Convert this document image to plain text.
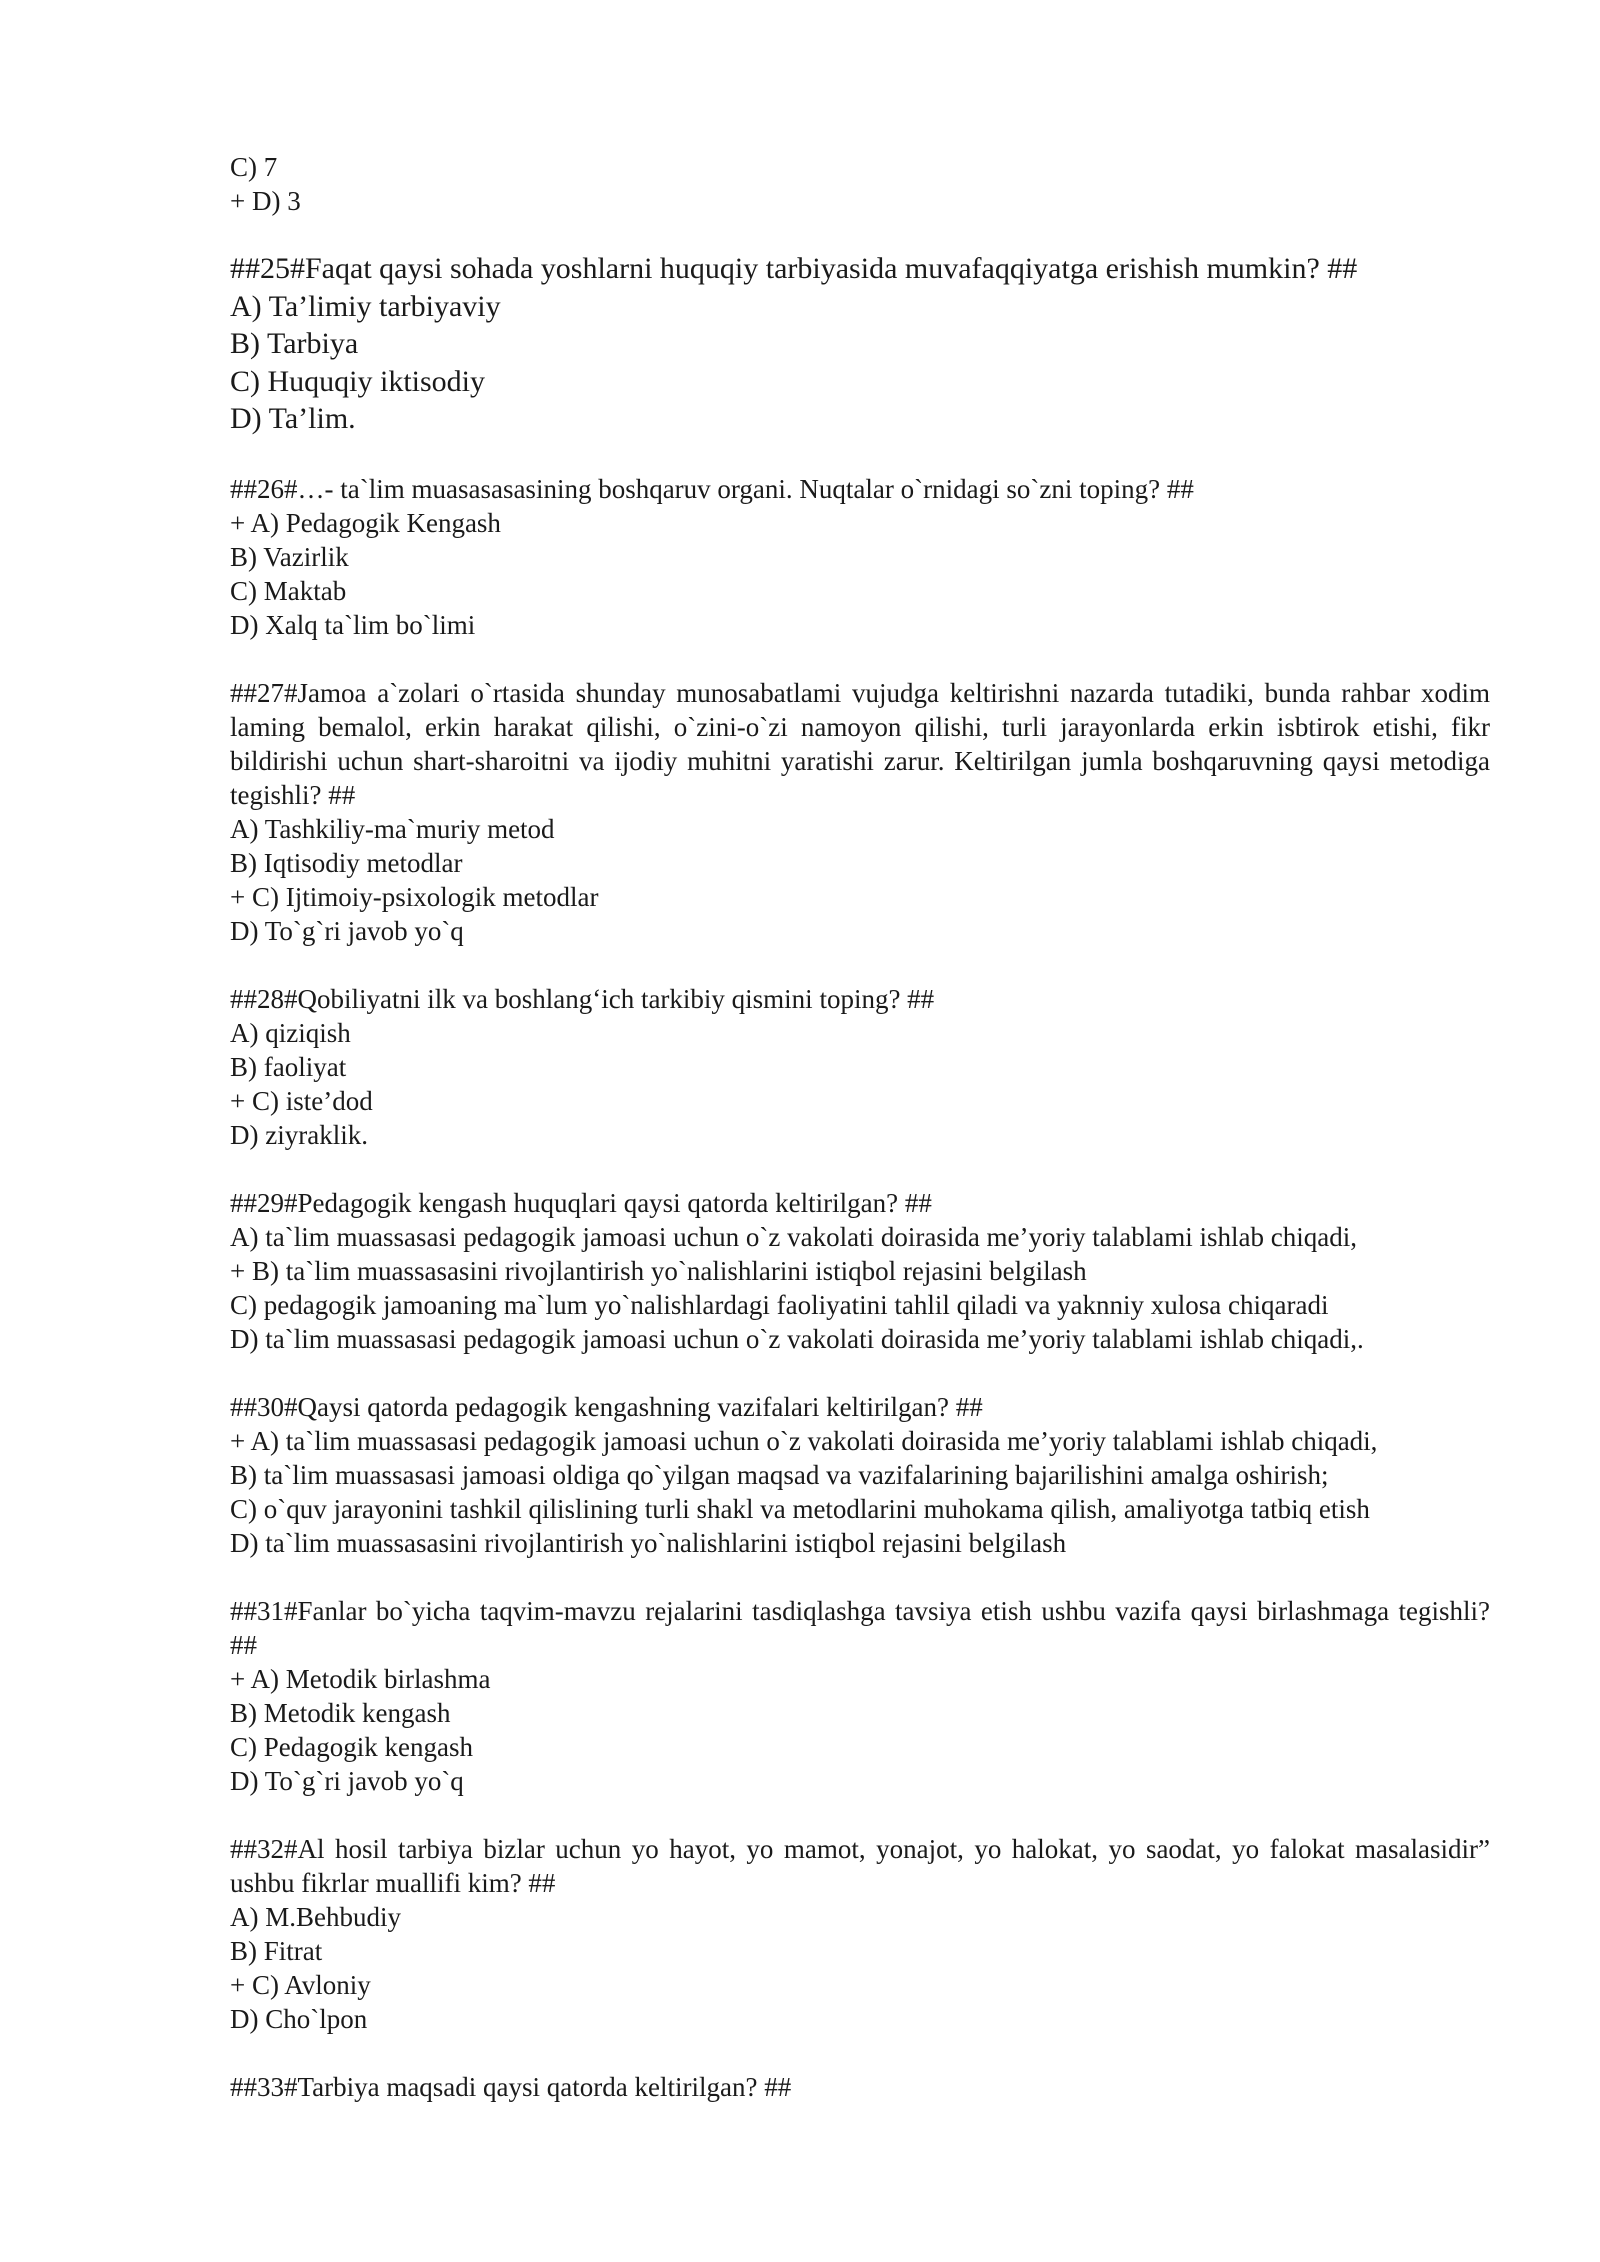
C) 7
+ D) 3
##25#Faqat qaysi sohada yoshlarni huquqiy tarbiyasida muvafaqqiyatga erishish mumkin? ##
A) Ta’limiy tarbiyaviy
B) Tarbiya
C) Huquqiy iktisodiy
D) Ta’lim.
##26#…- ta`lim muasasasasining boshqaruv organi. Nuqtalar o`rnidagi so`zni toping? ##
+ A) Pedagogik Kengash
B) Vazirlik
C) Maktab
D) Xalq ta`lim bo`limi
##27#Jamoa a`zolari o`rtasida shunday munosabatlami vujudga keltirishni nazarda tutadiki, bunda rahbar xodim laming bemalol, erkin harakat qilishi, o`zini-o`zi namoyon qilishi, turli jarayonlarda erkin isbtirok etishi, fikr bildirishi uchun shart-sharoitni va ijodiy muhitni yaratishi zarur. Keltirilgan jumla boshqaruvning qaysi metodiga tegishli? ##
A) Tashkiliy-ma`muriy metod
B) Iqtisodiy metodlar
+ C) Ijtimoiy-psixologik metodlar
D) To`g`ri javob yo`q
##28#Qobiliyatni ilk va boshlang‘ich tarkibiy qismini toping? ##
A) qiziqish
B) faoliyat
+ C) iste’dod
D) ziyraklik.
##29#Pedagogik kengash huquqlari qaysi qatorda keltirilgan? ##
A) ta`lim muassasasi pedagogik jamoasi uchun o`z vakolati doirasida me’yoriy talablami ishlab chiqadi,
+ B) ta`lim muassasasini rivojlantirish yo`nalishlarini istiqbol rejasini belgilash
C) pedagogik jamoaning ma`lum yo`nalishlardagi faoliyatini tahlil qiladi va yaknniy xulosa chiqaradi
D) ta`lim muassasasi pedagogik jamoasi uchun o`z vakolati doirasida me’yoriy talablami ishlab chiqadi,.
##30#Qaysi qatorda pedagogik kengashning vazifalari keltirilgan? ##
+ A) ta`lim muassasasi pedagogik jamoasi uchun o`z vakolati doirasida me’yoriy talablami ishlab chiqadi,
B) ta`lim muassasasi jamoasi oldiga qo`yilgan maqsad va vazifalarining bajarilishini amalga oshirish;
C) o`quv jarayonini tashkil qilislining turli shakl va metodlarini muhokama qilish, amaliyotga tatbiq etish
D) ta`lim muassasasini rivojlantirish yo`nalishlarini istiqbol rejasini belgilash
##31#Fanlar bo`yicha taqvim-mavzu rejalarini tasdiqlashga tavsiya etish ushbu vazifa qaysi birlashmaga tegishli? ##
+ A) Metodik birlashma
B) Metodik kengash
C) Pedagogik kengash
D) To`g`ri javob yo`q
##32#Al hosil tarbiya bizlar uchun yo hayot, yo mamot, yonajot, yo halokat, yo saodat, yo falokat masalasidir” ushbu fikrlar muallifi kim? ##
A) M.Behbudiy
B) Fitrat
+ C) Avloniy
D) Cho`lpon
##33#Tarbiya maqsadi qaysi qatorda keltirilgan? ##
